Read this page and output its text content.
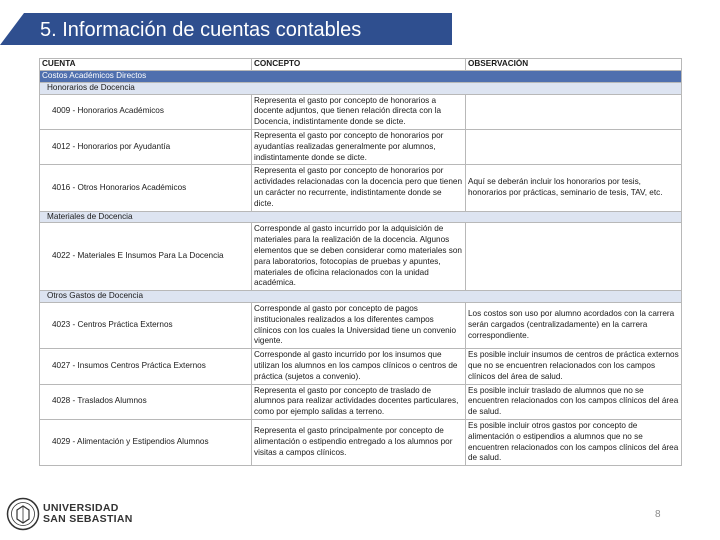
5. Información de cuentas contables
CUENTA	CONCEPTO	OBSERVACIÓN
Costos Académicos Directos		
Honorarios de Docencia		
4009 - Honorarios Académicos	Representa el gasto por concepto de honorarios a docente adjuntos, que tienen relación directa con la Docencia, indistintamente donde se dicte.	
4012 - Honorarios por Ayudantía	Representa el gasto por concepto de honorarios por ayudantías realizadas generalmente por alumnos, indistintamente donde se dicte.	
4016 - Otros Honorarios Académicos	Representa el gasto por concepto de honorarios por actividades relacionadas con la docencia pero que tienen un carácter no recurrente, indistintamente donde se dicte.	Aquí se deberán incluir los honorarios por tesis, honorarios por prácticas, seminario de tesis, TAV, etc.
Materiales de Docencia		
4022 - Materiales E Insumos Para La Docencia	Corresponde al gasto incurrido por la adquisición de materiales para la realización de la docencia. Algunos elementos que se deben considerar como materiales son para laboratorios, fotocopias de pruebas y apuntes, materiales de oficina relacionados con la unidad académica.	
Otros Gastos de Docencia		
4023 - Centros Práctica Externos	Corresponde al gasto por concepto de pagos institucionales realizados a los diferentes campos clínicos con los cuales la Universidad tiene un convenio vigente.	Los costos son uso por alumno acordados con la carrera serán cargados (centralizadamente) en la carrera correspondiente.
4027 - Insumos Centros Práctica Externos	Corresponde al gasto incurrido por los insumos que utilizan los alumnos en los campos clínicos o centros de práctica (sujetos a convenio).	Es posible incluir insumos de centros de práctica externos que no se encuentren relacionados con los campos clínicos del área de salud.
4028 - Traslados Alumnos	Representa el gasto por concepto de traslado de alumnos para realizar actividades docentes particulares, como por ejemplo salidas a terreno.	Es posible incluir traslado de alumnos que no se encuentren relacionados con los campos clínicos del área de salud.
4029 - Alimentación y Estipendios Alumnos	Representa el gasto principalmente por concepto de alimentación o estipendio entregado a los alumnos por visitas a campos clínicos.	Es posible incluir otros gastos por concepto de alimentación o estipendios a alumnos que no se encuentren relacionados con los campos clínicos del área de salud.
UNIVERSIDAD
SAN SEBASTIAN	8
